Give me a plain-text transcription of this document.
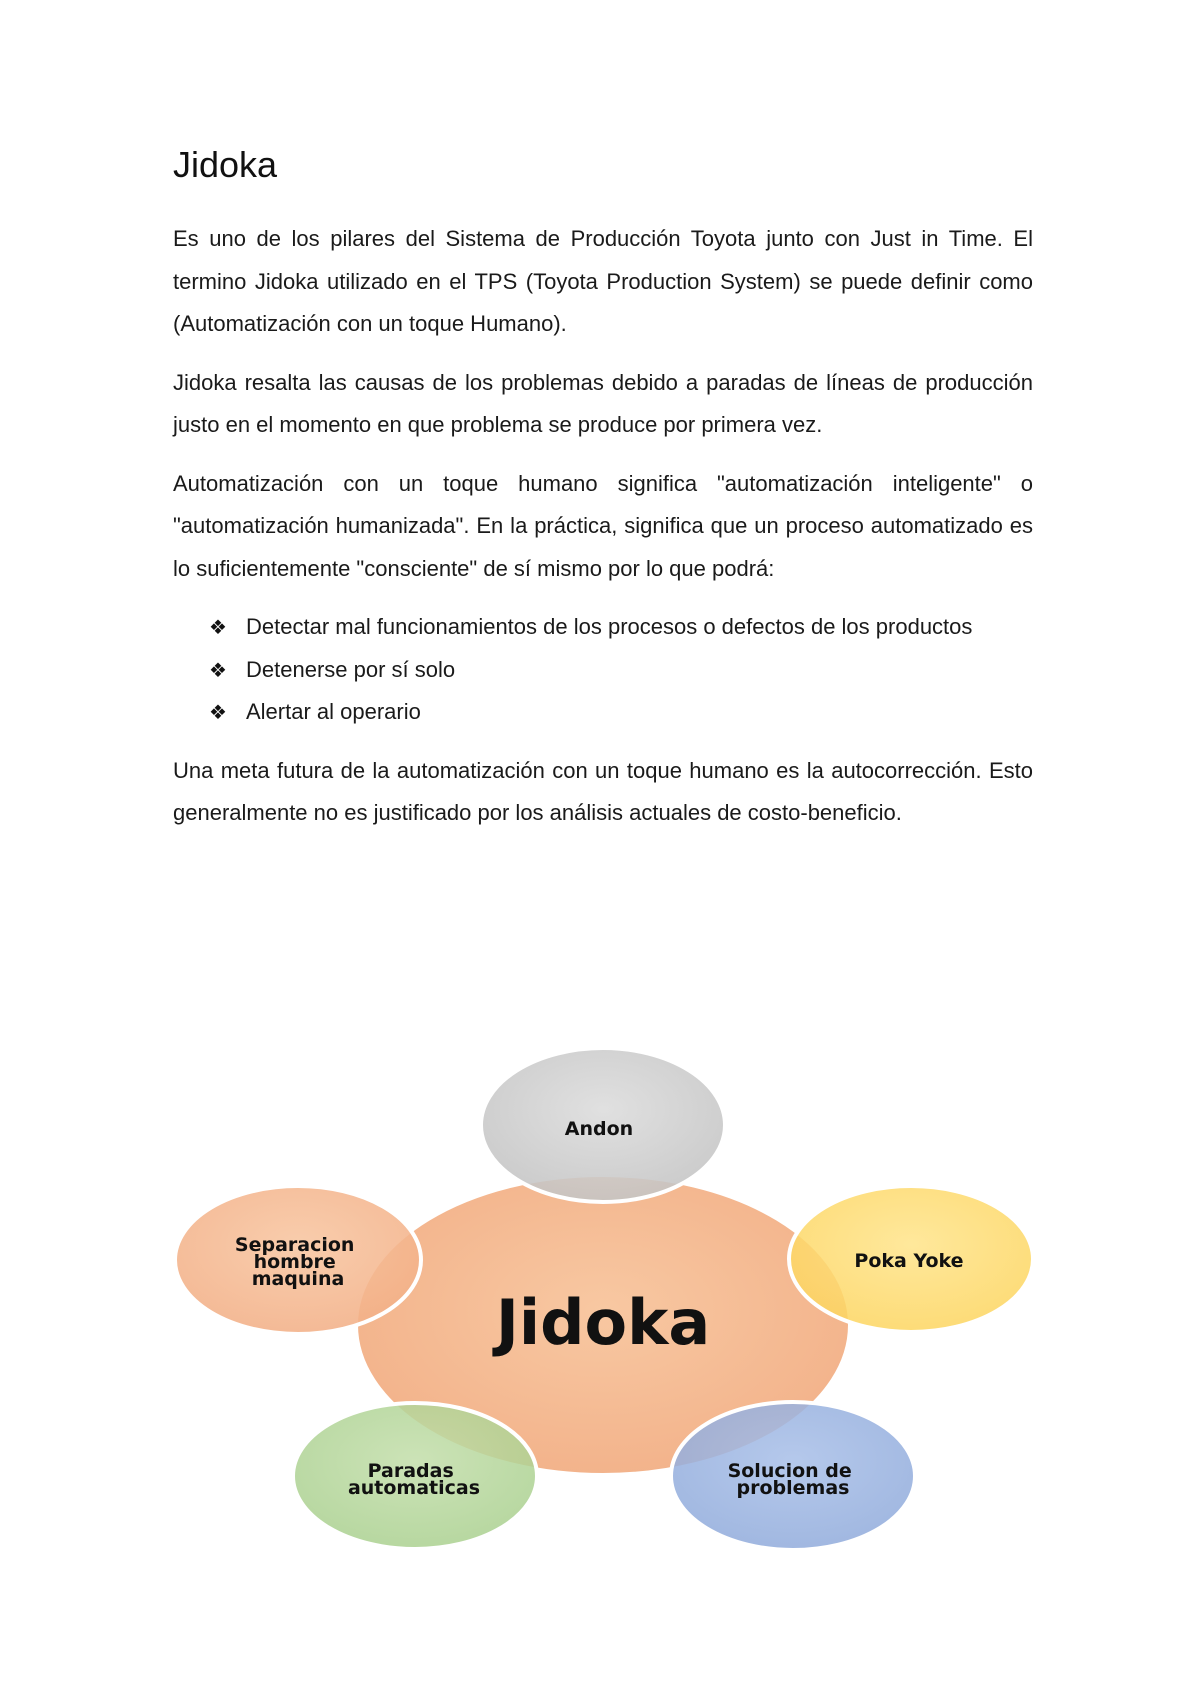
Jidoka

Es uno de los pilares del Sistema de Producción Toyota junto con Just in Time. El termino Jidoka utilizado en el TPS (Toyota Production System) se puede definir como (Automatización con un toque Humano).

Jidoka resalta las causas de los problemas debido a paradas de líneas de producción justo en el momento en que problema se produce por primera vez.

Automatización con un toque humano significa "automatización inteligente" o "automatización humanizada". En la práctica, significa que un proceso automatizado es lo suficientemente "consciente" de sí mismo por lo que podrá:

❖ Detectar mal funcionamientos de los procesos o defectos de los productos
❖ Detenerse por sí solo
❖ Alertar al operario

Una meta futura de la automatización con un toque humano es la autocorrección. Esto generalmente no es justificado por los análisis actuales de costo-beneficio.

Jidoka
Andon
Poka Yoke
Solucion de problemas
Paradas automaticas
Separacion hombre maquina
